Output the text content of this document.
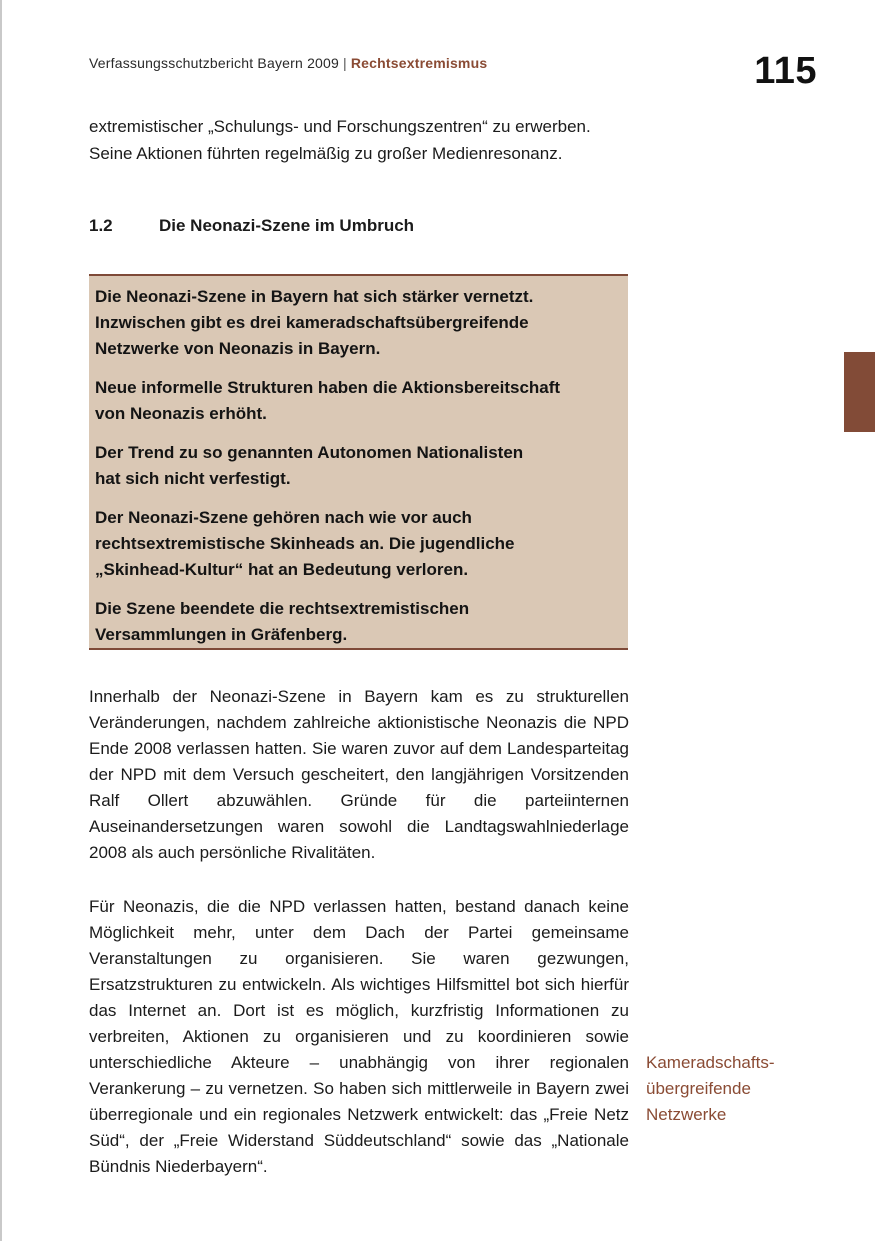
Verfassungsschutzbericht Bayern 2009 | Rechtsextremismus	115

extremistischer „Schulungs- und Forschungszentren“ zu erwerben.

Seine Aktionen führten regelmäßig zu großer Medienresonanz.

1.2	Die Neonazi-Szene im Umbruch

Die Neonazi-Szene in Bayern hat sich stärker vernetzt.
Inzwischen gibt es drei kameradschaftsübergreifende
Netzwerke von Neonazis in Bayern.

Neue informelle Strukturen haben die Aktionsbereitschaft
von Neonazis erhöht.

Der Trend zu so genannten Autonomen Nationalisten
hat sich nicht verfestigt.

Der Neonazi-Szene gehören nach wie vor auch
rechtsextremistische Skinheads an. Die jugendliche
„Skinhead-Kultur“ hat an Bedeutung verloren.

Die Szene beendete die rechtsextremistischen
Versammlungen in Gräfenberg.

Innerhalb der Neonazi-Szene in Bayern kam es zu strukturellen Veränderungen, nachdem zahlreiche aktionistische Neonazis die NPD Ende 2008 verlassen hatten. Sie waren zuvor auf dem Landesparteitag der NPD mit dem Versuch gescheitert, den langjährigen Vorsitzenden Ralf Ollert abzuwählen. Gründe für die parteiinternen Auseinandersetzungen waren sowohl die Landtagswahlniederlage 2008 als auch persönliche Rivalitäten.

Für Neonazis, die die NPD verlassen hatten, bestand danach keine Möglichkeit mehr, unter dem Dach der Partei gemeinsame Veranstaltungen zu organisieren. Sie waren gezwungen, Ersatzstrukturen zu entwickeln. Als wichtiges Hilfsmittel bot sich hierfür das Internet an. Dort ist es möglich, kurzfristig Informationen zu verbreiten, Aktionen zu organisieren und zu koordinieren sowie unterschiedliche Akteure – unabhängig von ihrer regionalen Verankerung – zu vernetzen. So haben sich mittlerweile in Bayern zwei überregionale und ein regionales Netzwerk entwickelt: das „Freie Netz Süd“, der „Freie Widerstand Süddeutschland“ sowie das „Nationale Bündnis Niederbayern“.

Kameradschafts-
übergreifende
Netzwerke
